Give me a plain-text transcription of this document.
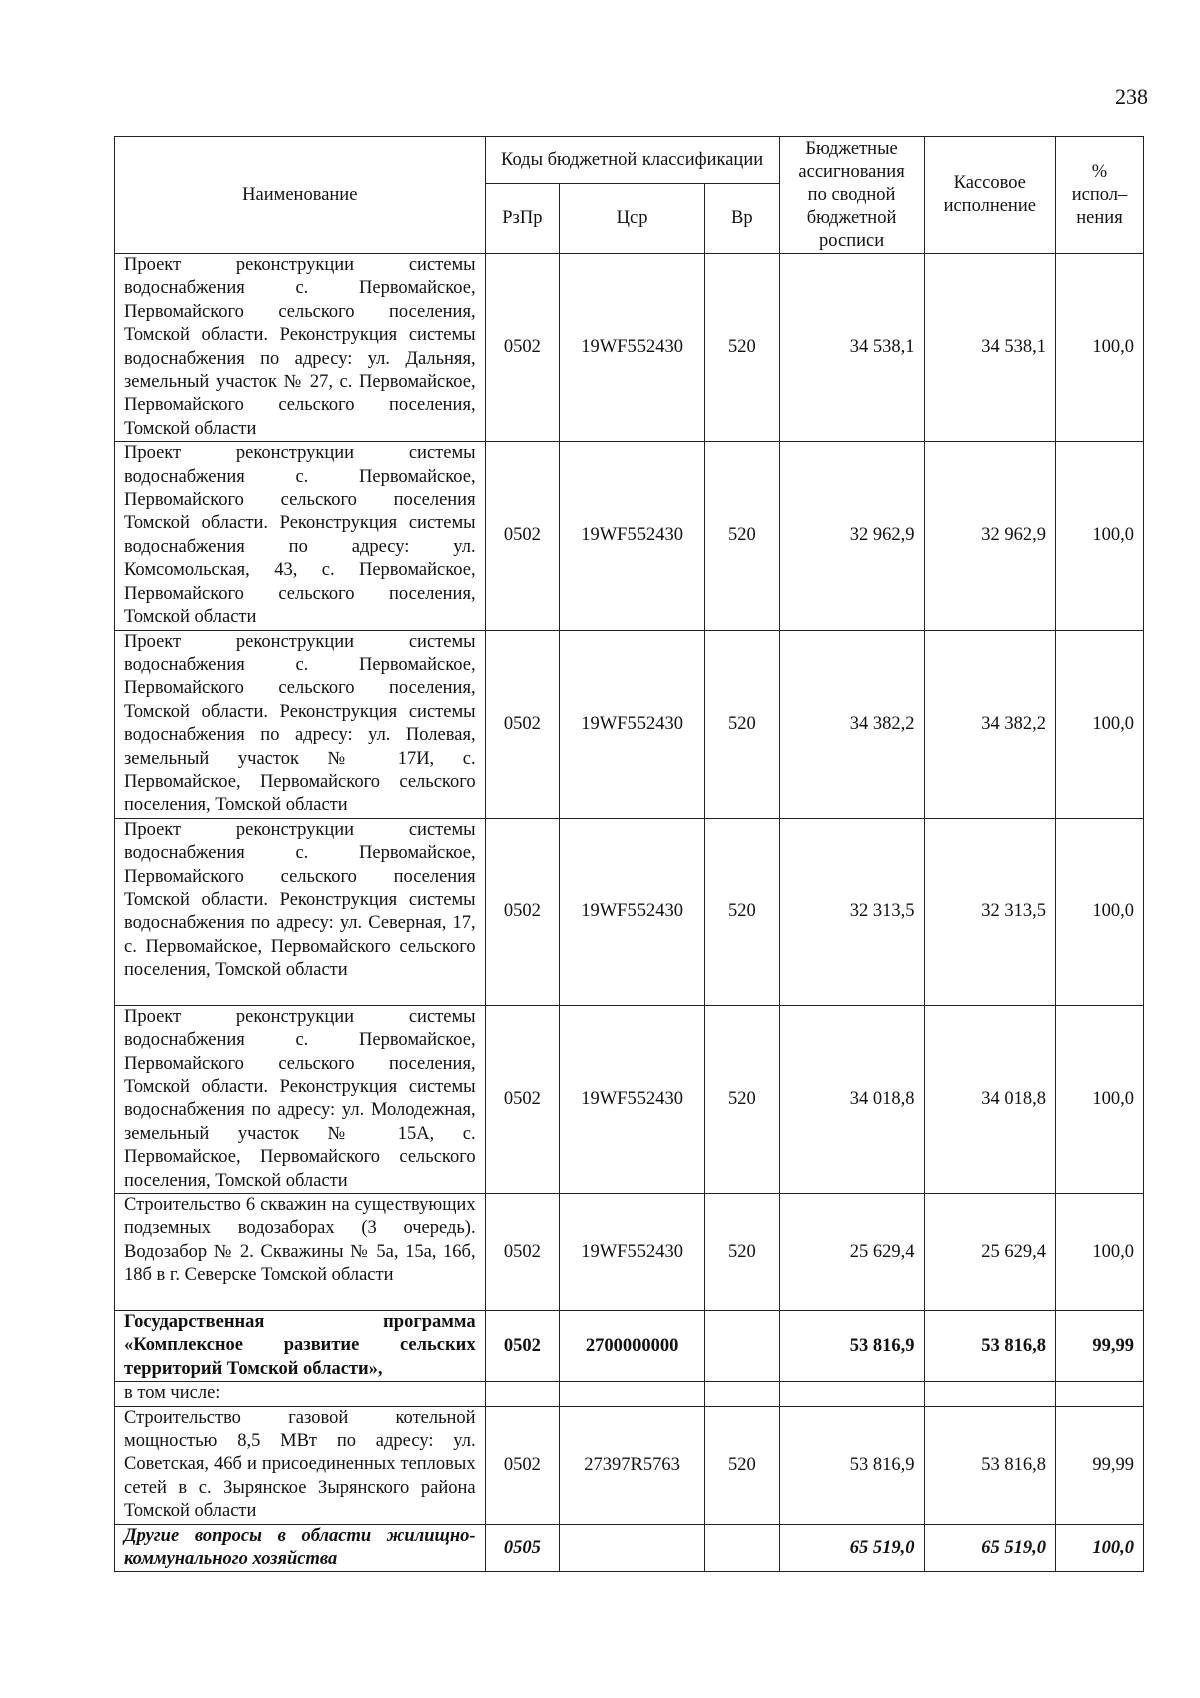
238
Наименование	Коды бюджетной классификации			Бюджетные ассигнования по сводной бюджетной росписи	Кассовое исполнение	% испол– нения
	РзПр	Цср	Вр			
Проект реконструкции системы водоснабжения с. Первомайское, Первомайского сельского поселения, Томской области. Реконструкция системы водоснабжения по адресу: ул. Дальняя, земельный участок № 27, с. Первомайское, Первомайского сельского поселения, Томской области	0502	19WF552430	520	34 538,1	34 538,1	100,0
Проект реконструкции системы водоснабжения с. Первомайское, Первомайского сельского поселения Томской области. Реконструкция системы водоснабжения по адресу: ул. Комсомольская, 43, с. Первомайское, Первомайского сельского поселения, Томской области	0502	19WF552430	520	32 962,9	32 962,9	100,0
Проект реконструкции системы водоснабжения с. Первомайское, Первомайского сельского поселения, Томской области. Реконструкция системы водоснабжения по адресу: ул. Полевая, земельный участок № 17И, с. Первомайское, Первомайского сельского поселения, Томской области	0502	19WF552430	520	34 382,2	34 382,2	100,0
Проект реконструкции системы водоснабжения с. Первомайское, Первомайского сельского поселения Томской области. Реконструкция системы водоснабжения по адресу: ул. Северная, 17, с. Первомайское, Первомайского сельского поселения, Томской области	0502	19WF552430	520	32 313,5	32 313,5	100,0
Проект реконструкции системы водоснабжения с. Первомайское, Первомайского сельского поселения, Томской области. Реконструкция системы водоснабжения по адресу: ул. Молодежная, земельный участок № 15А, с. Первомайское, Первомайского сельского поселения, Томской области	0502	19WF552430	520	34 018,8	34 018,8	100,0
Строительство 6 скважин на существующих подземных водозаборах (3 очередь). Водозабор № 2. Скважины № 5а, 15а, 16б, 18б в г. Северске Томской области	0502	19WF552430	520	25 629,4	25 629,4	100,0
Государственная программа «Комплексное развитие сельских территорий Томской области»,	0502	2700000000		53 816,9	53 816,8	99,99
в том числе:						
Строительство газовой котельной мощностью 8,5 МВт по адресу: ул. Советская, 46б и присоединенных тепловых сетей в с. Зырянское Зырянского района Томской области	0502	27397R5763	520	53 816,9	53 816,8	99,99
Другие вопросы в области жилищно-коммунального хозяйства	0505			65 519,0	65 519,0	100,0
